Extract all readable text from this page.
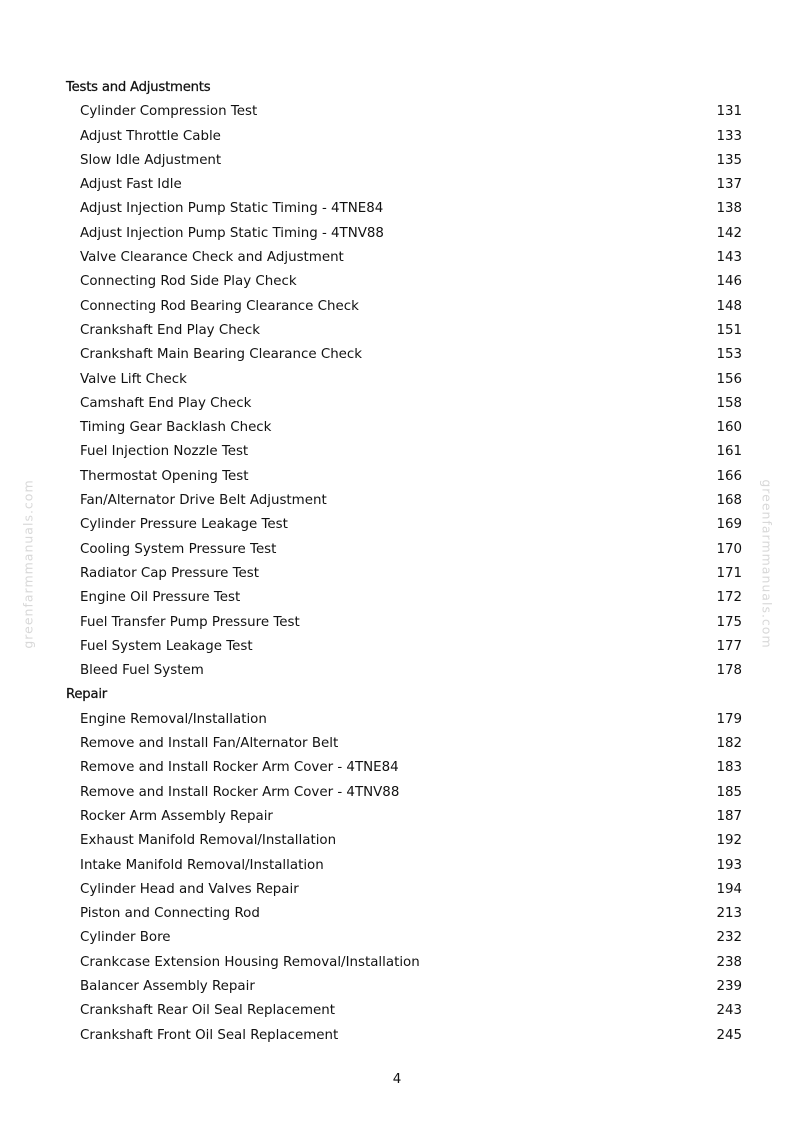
Tests and Adjustments
Cylinder Compression Test	131
Adjust Throttle Cable	133
Slow Idle Adjustment	135
Adjust Fast Idle	137
Adjust Injection Pump Static Timing - 4TNE84	138
Adjust Injection Pump Static Timing - 4TNV88	142
Valve Clearance Check and Adjustment	143
Connecting Rod Side Play Check	146
Connecting Rod Bearing Clearance Check	148
Crankshaft End Play Check	151
Crankshaft Main Bearing Clearance Check	153
Valve Lift Check	156
Camshaft End Play Check	158
Timing Gear Backlash Check	160
Fuel Injection Nozzle Test	161
Thermostat Opening Test	166
Fan/Alternator Drive Belt Adjustment	168
Cylinder Pressure Leakage Test	169
Cooling System Pressure Test	170
Radiator Cap Pressure Test	171
Engine Oil Pressure Test	172
Fuel Transfer Pump Pressure Test	175
Fuel System Leakage Test	177
Bleed Fuel System	178
Repair
Engine Removal/Installation	179
Remove and Install Fan/Alternator Belt	182
Remove and Install Rocker Arm Cover - 4TNE84	183
Remove and Install Rocker Arm Cover - 4TNV88	185
Rocker Arm Assembly Repair	187
Exhaust Manifold Removal/Installation	192
Intake Manifold Removal/Installation	193
Cylinder Head and Valves Repair	194
Piston and Connecting Rod	213
Cylinder Bore	232
Crankcase Extension Housing Removal/Installation	238
Balancer Assembly Repair	239
Crankshaft Rear Oil Seal Replacement	243
Crankshaft Front Oil Seal Replacement	245
4
greenfarmmanuals.com	greenfarmmanuals.com
